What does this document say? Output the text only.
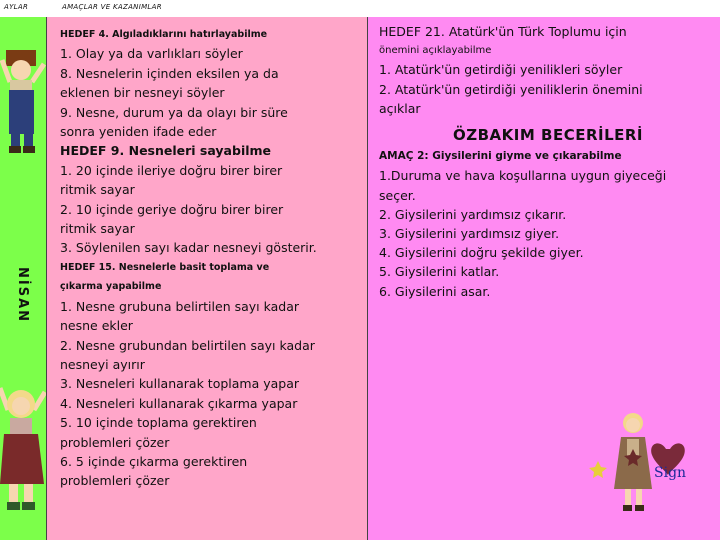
AYLAR	AMAÇLAR VE KAZANIMLAR
NİSAN
HEDEF 4. Algıladıklarını hatırlayabilme
1. Olay ya da varlıkları söyler
8. Nesnelerin içinden eksilen ya da
eklenen bir nesneyi söyler
9. Nesne, durum ya da olayı bir süre
sonra yeniden ifade eder
HEDEF 9. Nesneleri sayabilme
1. 20 içinde ileriye doğru birer birer
ritmik sayar
2. 10 içinde geriye doğru birer birer
ritmik sayar
3. Söylenilen sayı kadar nesneyi gösterir.
HEDEF 15. Nesnelerle basit toplama ve
çıkarma yapabilme
1. Nesne grubuna belirtilen sayı kadar
nesne ekler
2. Nesne grubundan belirtilen sayı kadar
nesneyi ayırır
3. Nesneleri kullanarak toplama yapar
4. Nesneleri kullanarak çıkarma yapar
5. 10 içinde toplama gerektiren
problemleri çözer
6. 5 içinde çıkarma gerektiren
problemleri çözer
HEDEF 21. Atatürk'ün Türk Toplumu için
önemini açıklayabilme
1. Atatürk'ün getirdiği yenilikleri söyler
2. Atatürk'ün getirdiği yeniliklerin önemini
açıklar
ÖZBAKIM BECERİLERİ
AMAÇ 2: Giysilerini giyme ve çıkarabilme
1.Duruma ve hava koşullarına uygun giyeceği
seçer.
2. Giysilerini yardımsız çıkarır.
3. Giysilerini yardımsız giyer.
4. Giysilerini doğru şekilde giyer.
5. Giysilerini katlar.
6. Giysilerini asar.
Sign
